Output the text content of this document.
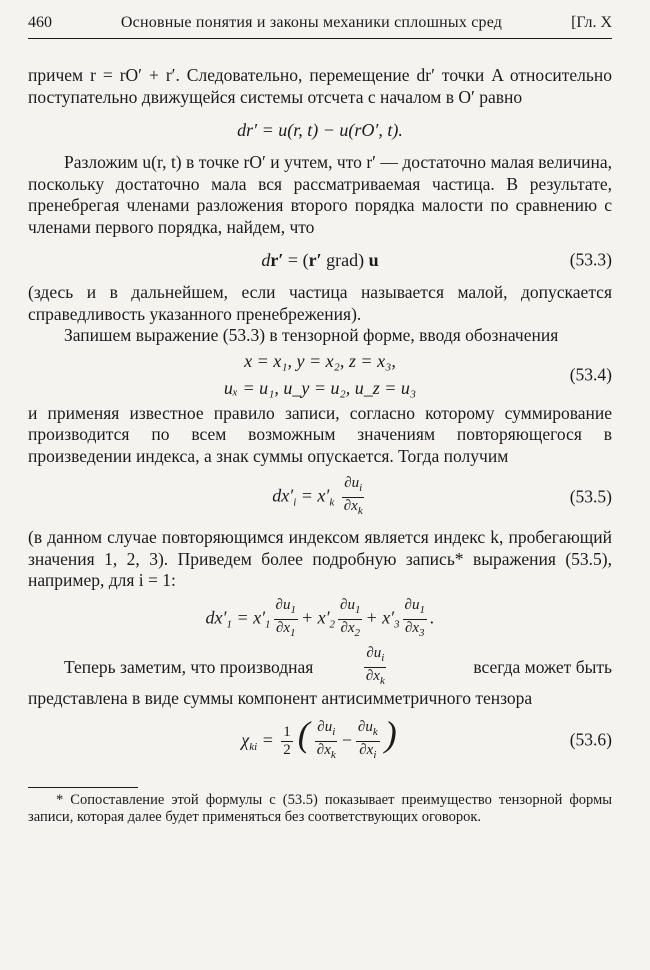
460	Основные понятия и законы механики сплошных сред	[Гл. X

причем r = rO′ + r′. Следовательно, перемещение dr′ точки A относительно поступательно движущейся системы отсчета с началом в O′ равно

dr′ = u(r, t) − u(rO′, t).

Разложим u(r, t) в точке rO′ и учтем, что r′ — достаточно малая величина, поскольку достаточно мала вся рассматриваемая частица. В результате, пренебрегая членами разложения второго порядка малости по сравнению с членами первого порядка, найдем, что

dr′ = (r′ grad) u	(53.3)

(здесь и в дальнейшем, если частица называется малой, допускается справедливость указанного пренебрежения).

Запишем выражение (53.3) в тензорной форме, вводя обозначения

x = x₁, y = x₂, z = x₃,
uₓ = u₁, u_y = u₂, u_z = u₃
(53.4)

и применяя известное правило записи, согласно которому суммирование производится по всем возможным значениям повторяющегося в произведении индекса, а знак суммы опускается. Тогда получим

$dx'_i = x'_k \frac{\partial u_i}{\partial x_k}$	(53.5)

(в данном случае повторяющимся индексом является индекс k, пробегающий значения 1, 2, 3). Приведем более подробную запись* выражения (53.5), например, для i = 1:

$dx'_1 = x'_1 \frac{\partial u_1}{\partial x_1} + x'_2 \frac{\partial u_1}{\partial x_2} + x'_3 \frac{\partial u_1}{\partial x_3}$ .

Теперь заметим, что производная	$\frac{\partial u_i}{\partial x_k}$	всегда может быть

представлена в виде суммы компонент антисимметричного тензора

$\chi_{ki} = \frac{1}{2}$ ( $\frac{\partial u_i}{\partial x_k} - \frac{\partial u_k}{\partial x_i}$ )	(53.6)

* Сопоставление этой формулы с (53.5) показывает преимущество тензорной формы записи, которая далее будет применяться без соответствующих оговорок.
